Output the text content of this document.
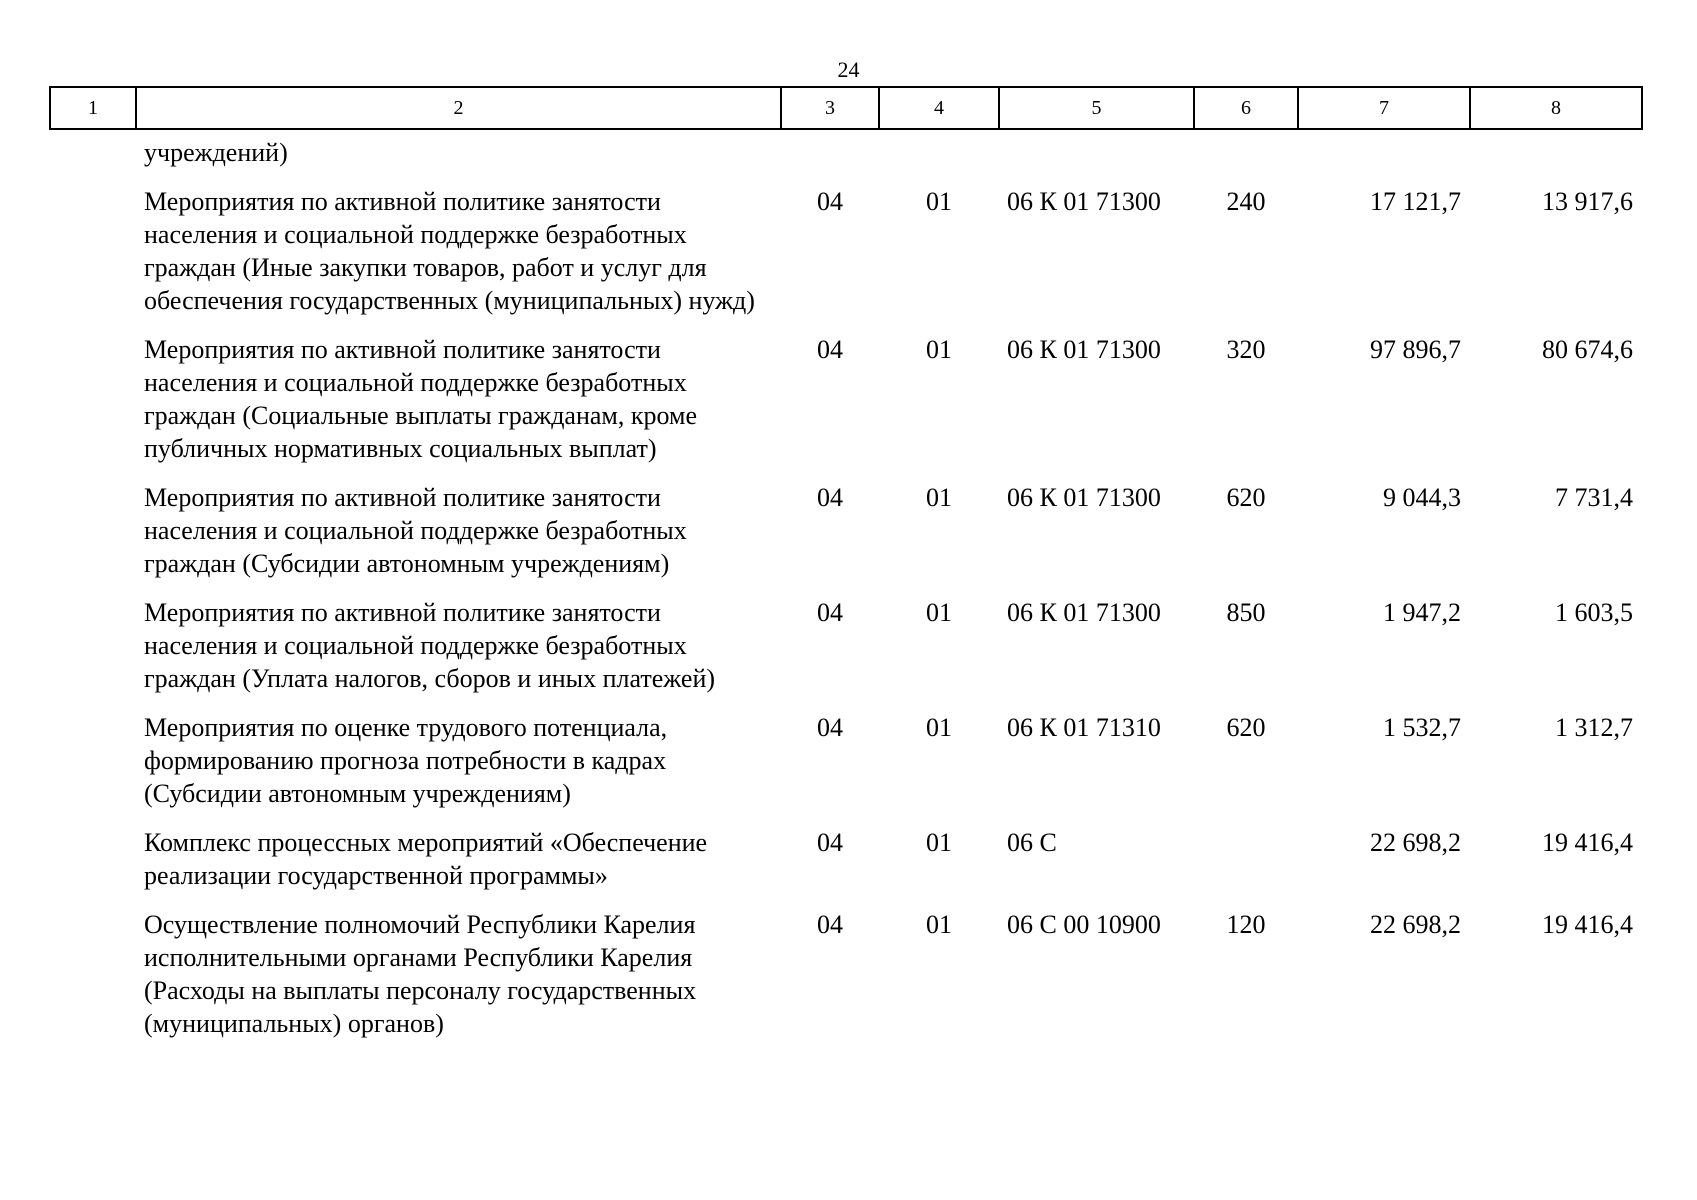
24
1	2	3	4	5	6	7	8
	учреждений)						
	Мероприятия по активной политике занятости населения и социальной поддержке безработных граждан (Иные закупки товаров, работ и услуг для обеспечения государственных (муниципальных) нужд)	04	01	06 К 01 71300	240	17 121,7	13 917,6
	Мероприятия по активной политике занятости населения и социальной поддержке безработных граждан (Социальные выплаты гражданам, кроме публичных нормативных социальных выплат)	04	01	06 К 01 71300	320	97 896,7	80 674,6
	Мероприятия по активной политике занятости населения и социальной поддержке безработных граждан (Субсидии автономным учреждениям)	04	01	06 К 01 71300	620	9 044,3	7 731,4
	Мероприятия по активной политике занятости населения и социальной поддержке безработных граждан (Уплата налогов, сборов и иных платежей)	04	01	06 К 01 71300	850	1 947,2	1 603,5
	Мероприятия по оценке трудового потенциала, формированию прогноза потребности в кадрах (Субсидии автономным учреждениям)	04	01	06 К 01 71310	620	1 532,7	1 312,7
	Комплекс процессных мероприятий «Обеспечение реализации государственной программы»	04	01	06 С		22 698,2	19 416,4
	Осуществление полномочий Республики Карелия исполнительными органами Республики Карелия (Расходы на выплаты персоналу государственных (муниципальных) органов)	04	01	06 С 00 10900	120	22 698,2	19 416,4
